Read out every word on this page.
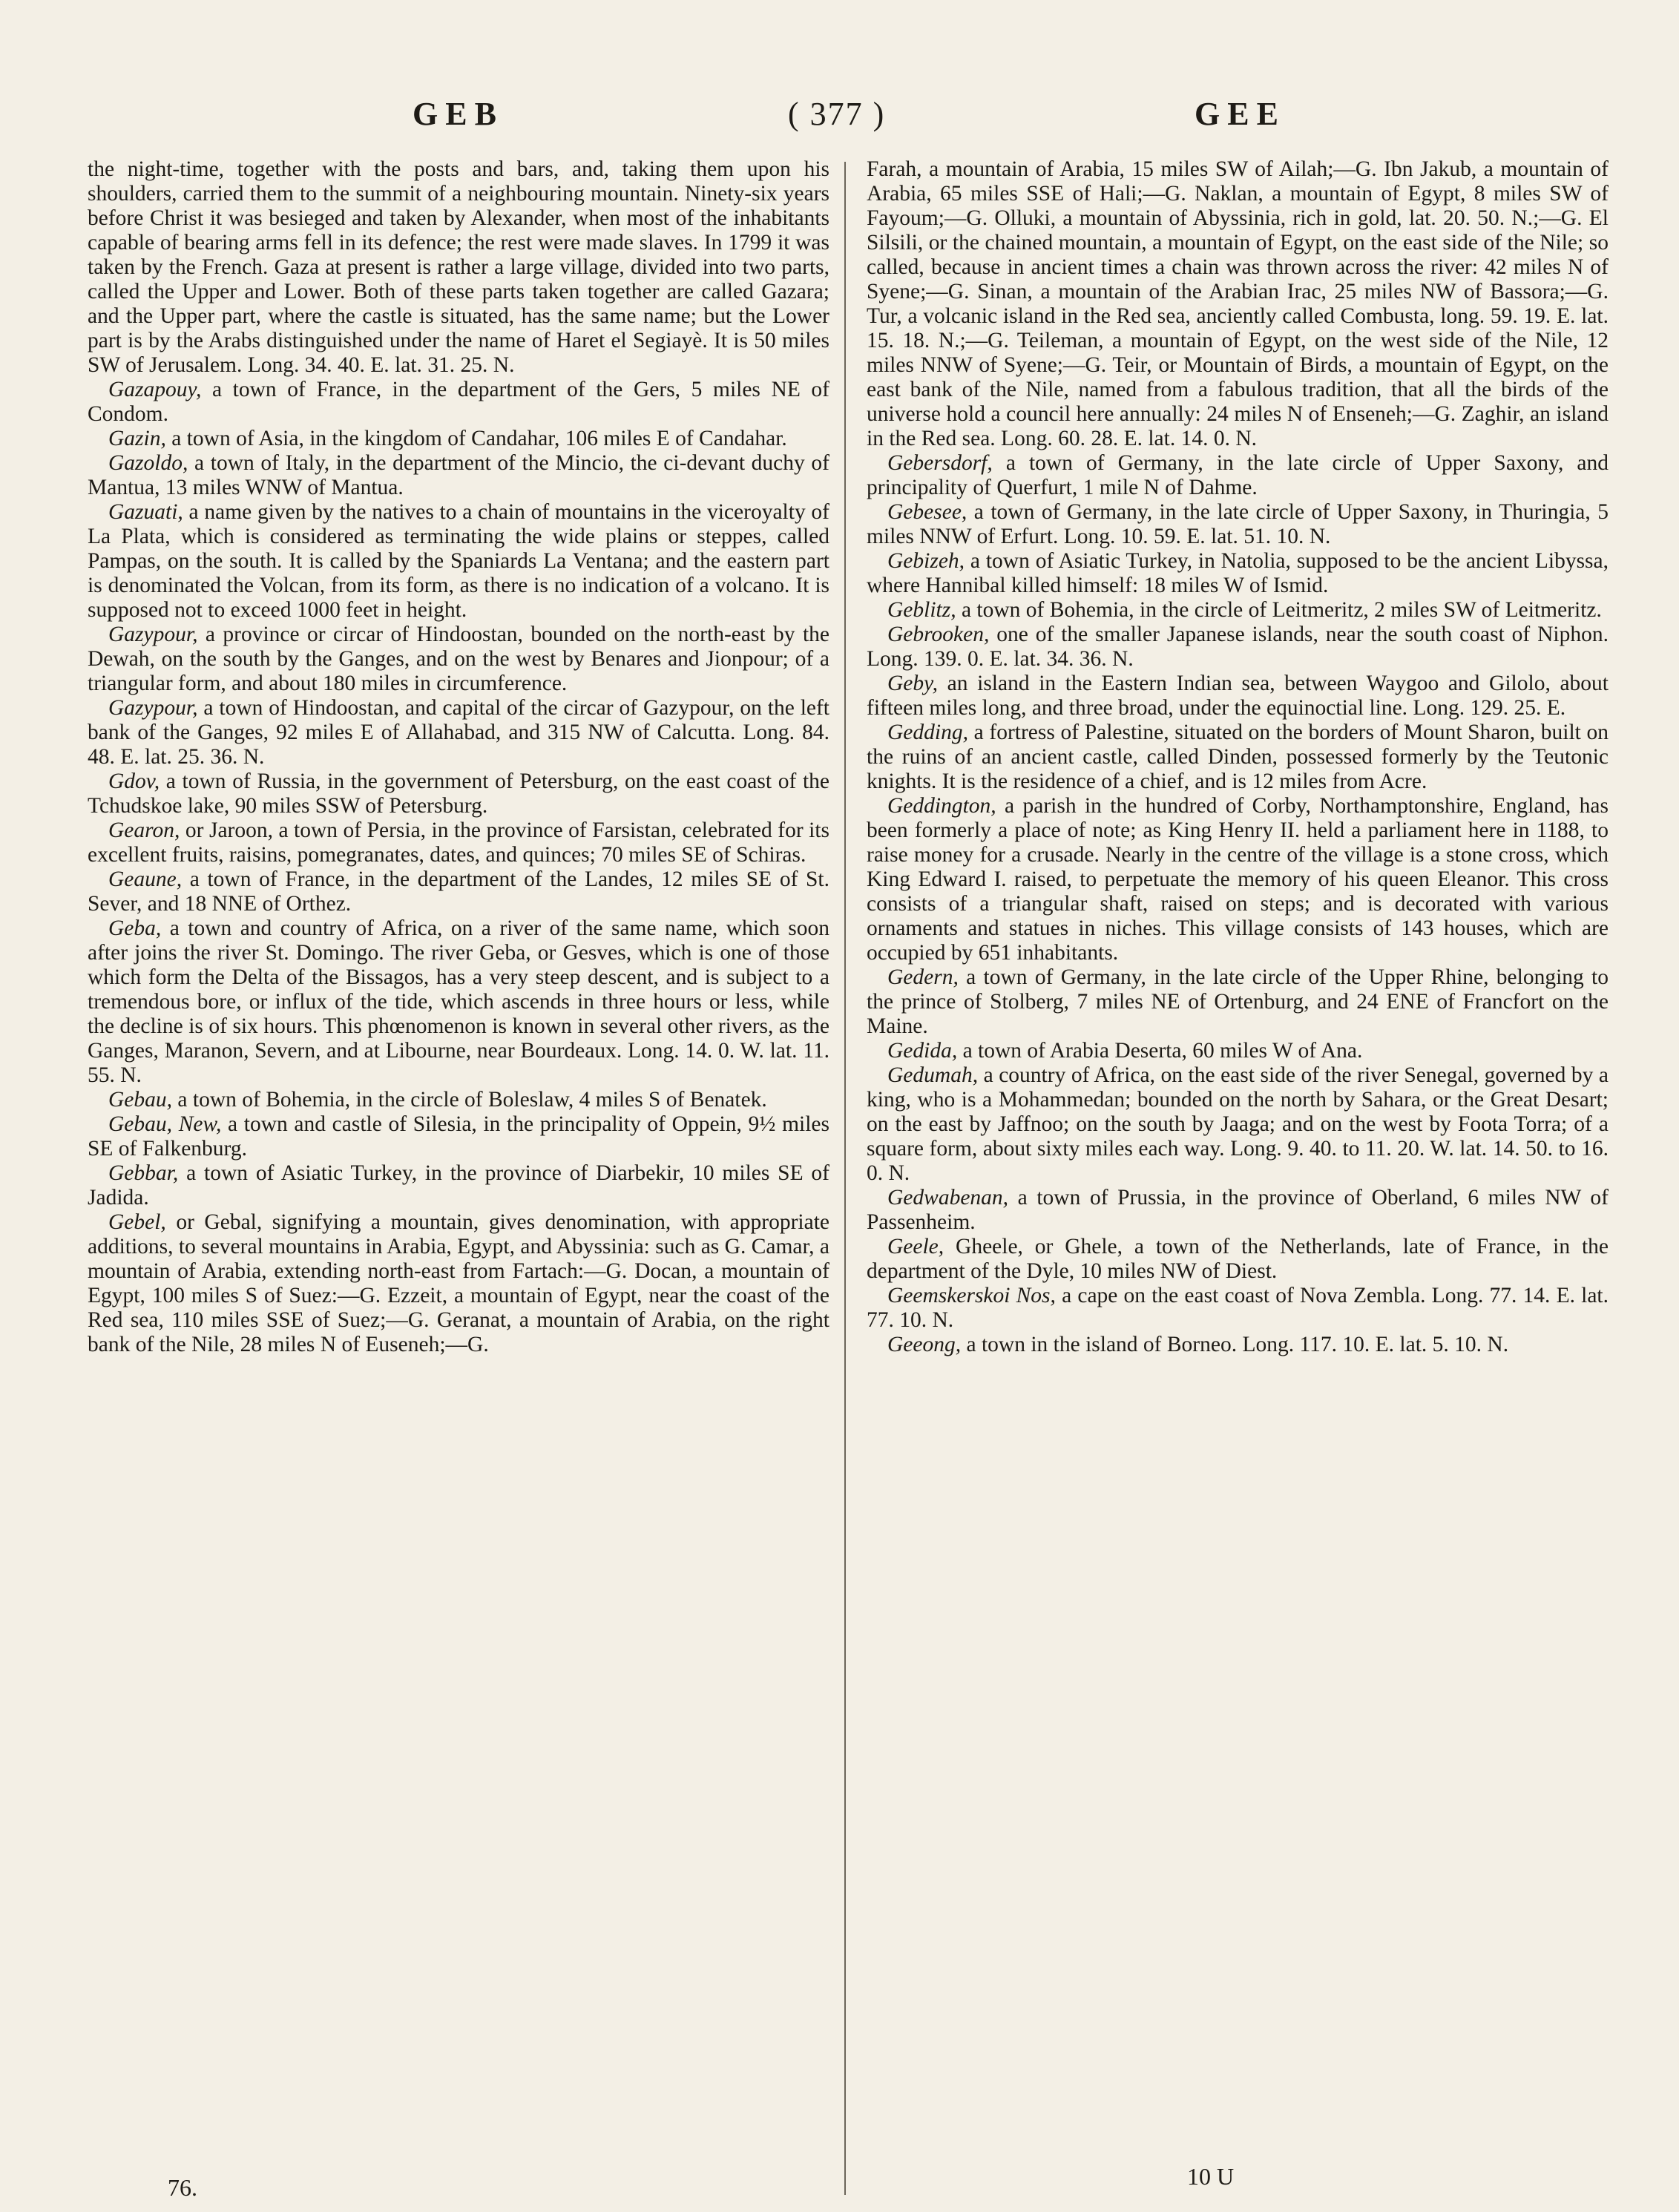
GEB	( 377 )	GEE

the night-time, together with the posts and bars, and, taking them upon his shoulders, carried them to the summit of a neighbouring mountain. Ninety-six years before Christ it was besieged and taken by Alexander, when most of the inhabitants capable of bearing arms fell in its defence; the rest were made slaves. In 1799 it was taken by the French. Gaza at present is rather a large village, divided into two parts, called the Upper and Lower. Both of these parts taken together are called Gazara; and the Upper part, where the castle is situated, has the same name; but the Lower part is by the Arabs distinguished under the name of Haret el Segiayè. It is 50 miles SW of Jerusalem. Long. 34. 40. E. lat. 31. 25. N.

Gazapouy, a town of France, in the department of the Gers, 5 miles NE of Condom.

Gazin, a town of Asia, in the kingdom of Candahar, 106 miles E of Candahar.

Gazoldo, a town of Italy, in the department of the Mincio, the ci-devant duchy of Mantua, 13 miles WNW of Mantua.

Gazuati, a name given by the natives to a chain of mountains in the viceroyalty of La Plata, which is considered as terminating the wide plains or steppes, called Pampas, on the south. It is called by the Spaniards La Ventana; and the eastern part is denominated the Volcan, from its form, as there is no indication of a volcano. It is supposed not to exceed 1000 feet in height.

Gazypour, a province or circar of Hindoostan, bounded on the north-east by the Dewah, on the south by the Ganges, and on the west by Benares and Jionpour; of a triangular form, and about 180 miles in circumference.

Gazypour, a town of Hindoostan, and capital of the circar of Gazypour, on the left bank of the Ganges, 92 miles E of Allahabad, and 315 NW of Calcutta. Long. 84. 48. E. lat. 25. 36. N.

Gdov, a town of Russia, in the government of Petersburg, on the east coast of the Tchudskoe lake, 90 miles SSW of Petersburg.

Gearon, or Jaroon, a town of Persia, in the province of Farsistan, celebrated for its excellent fruits, raisins, pomegranates, dates, and quinces; 70 miles SE of Schiras.

Geaune, a town of France, in the department of the Landes, 12 miles SE of St. Sever, and 18 NNE of Orthez.

Geba, a town and country of Africa, on a river of the same name, which soon after joins the river St. Domingo. The river Geba, or Gesves, which is one of those which form the Delta of the Bissagos, has a very steep descent, and is subject to a tremendous bore, or influx of the tide, which ascends in three hours or less, while the decline is of six hours. This phœnomenon is known in several other rivers, as the Ganges, Maranon, Severn, and at Libourne, near Bourdeaux. Long. 14. 0. W. lat. 11. 55. N.

Gebau, a town of Bohemia, in the circle of Boleslaw, 4 miles S of Benatek.

Gebau, New, a town and castle of Silesia, in the principality of Oppein, 9½ miles SE of Falkenburg.

Gebbar, a town of Asiatic Turkey, in the province of Diarbekir, 10 miles SE of Jadida.

Gebel, or Gebal, signifying a mountain, gives denomination, with appropriate additions, to several mountains in Arabia, Egypt, and Abyssinia: such as G. Camar, a mountain of Arabia, extending north-east from Fartach:—G. Docan, a mountain of Egypt, 100 miles S of Suez:—G. Ezzeit, a mountain of Egypt, near the coast of the Red sea, 110 miles SSE of Suez;—G. Geranat, a mountain of Arabia, on the right bank of the Nile, 28 miles N of Euseneh;—G.

Farah, a mountain of Arabia, 15 miles SW of Ailah;—G. Ibn Jakub, a mountain of Arabia, 65 miles SSE of Hali;—G. Naklan, a mountain of Egypt, 8 miles SW of Fayoum;—G. Olluki, a mountain of Abyssinia, rich in gold, lat. 20. 50. N.;—G. El Silsili, or the chained mountain, a mountain of Egypt, on the east side of the Nile; so called, because in ancient times a chain was thrown across the river: 42 miles N of Syene;—G. Sinan, a mountain of the Arabian Irac, 25 miles NW of Bassora;—G. Tur, a volcanic island in the Red sea, anciently called Combusta, long. 59. 19. E. lat. 15. 18. N.;—G. Teileman, a mountain of Egypt, on the west side of the Nile, 12 miles NNW of Syene;—G. Teir, or Mountain of Birds, a mountain of Egypt, on the east bank of the Nile, named from a fabulous tradition, that all the birds of the universe hold a council here annually: 24 miles N of Enseneh;—G. Zaghir, an island in the Red sea. Long. 60. 28. E. lat. 14. 0. N.

Gebersdorf, a town of Germany, in the late circle of Upper Saxony, and principality of Querfurt, 1 mile N of Dahme.

Gebesee, a town of Germany, in the late circle of Upper Saxony, in Thuringia, 5 miles NNW of Erfurt. Long. 10. 59. E. lat. 51. 10. N.

Gebizeh, a town of Asiatic Turkey, in Natolia, supposed to be the ancient Libyssa, where Hannibal killed himself: 18 miles W of Ismid.

Geblitz, a town of Bohemia, in the circle of Leitmeritz, 2 miles SW of Leitmeritz.

Gebrooken, one of the smaller Japanese islands, near the south coast of Niphon. Long. 139. 0. E. lat. 34. 36. N.

Geby, an island in the Eastern Indian sea, between Waygoo and Gilolo, about fifteen miles long, and three broad, under the equinoctial line. Long. 129. 25. E.

Gedding, a fortress of Palestine, situated on the borders of Mount Sharon, built on the ruins of an ancient castle, called Dinden, possessed formerly by the Teutonic knights. It is the residence of a chief, and is 12 miles from Acre.

Geddington, a parish in the hundred of Corby, Northamptonshire, England, has been formerly a place of note; as King Henry II. held a parliament here in 1188, to raise money for a crusade. Nearly in the centre of the village is a stone cross, which King Edward I. raised, to perpetuate the memory of his queen Eleanor. This cross consists of a triangular shaft, raised on steps; and is decorated with various ornaments and statues in niches. This village consists of 143 houses, which are occupied by 651 inhabitants.

Gedern, a town of Germany, in the late circle of the Upper Rhine, belonging to the prince of Stolberg, 7 miles NE of Ortenburg, and 24 ENE of Francfort on the Maine.

Gedida, a town of Arabia Deserta, 60 miles W of Ana.

Gedumah, a country of Africa, on the east side of the river Senegal, governed by a king, who is a Mohammedan; bounded on the north by Sahara, or the Great Desart; on the east by Jaffnoo; on the south by Jaaga; and on the west by Foota Torra; of a square form, about sixty miles each way. Long. 9. 40. to 11. 20. W. lat. 14. 50. to 16. 0. N.

Gedwabenan, a town of Prussia, in the province of Oberland, 6 miles NW of Passenheim.

Geele, Gheele, or Ghele, a town of the Netherlands, late of France, in the department of the Dyle, 10 miles NW of Diest.

Geemskerskoi Nos, a cape on the east coast of Nova Zembla. Long. 77. 14. E. lat. 77. 10. N.

Geeong, a town in the island of Borneo. Long. 117. 10. E. lat. 5. 10. N.

76.	10 U
